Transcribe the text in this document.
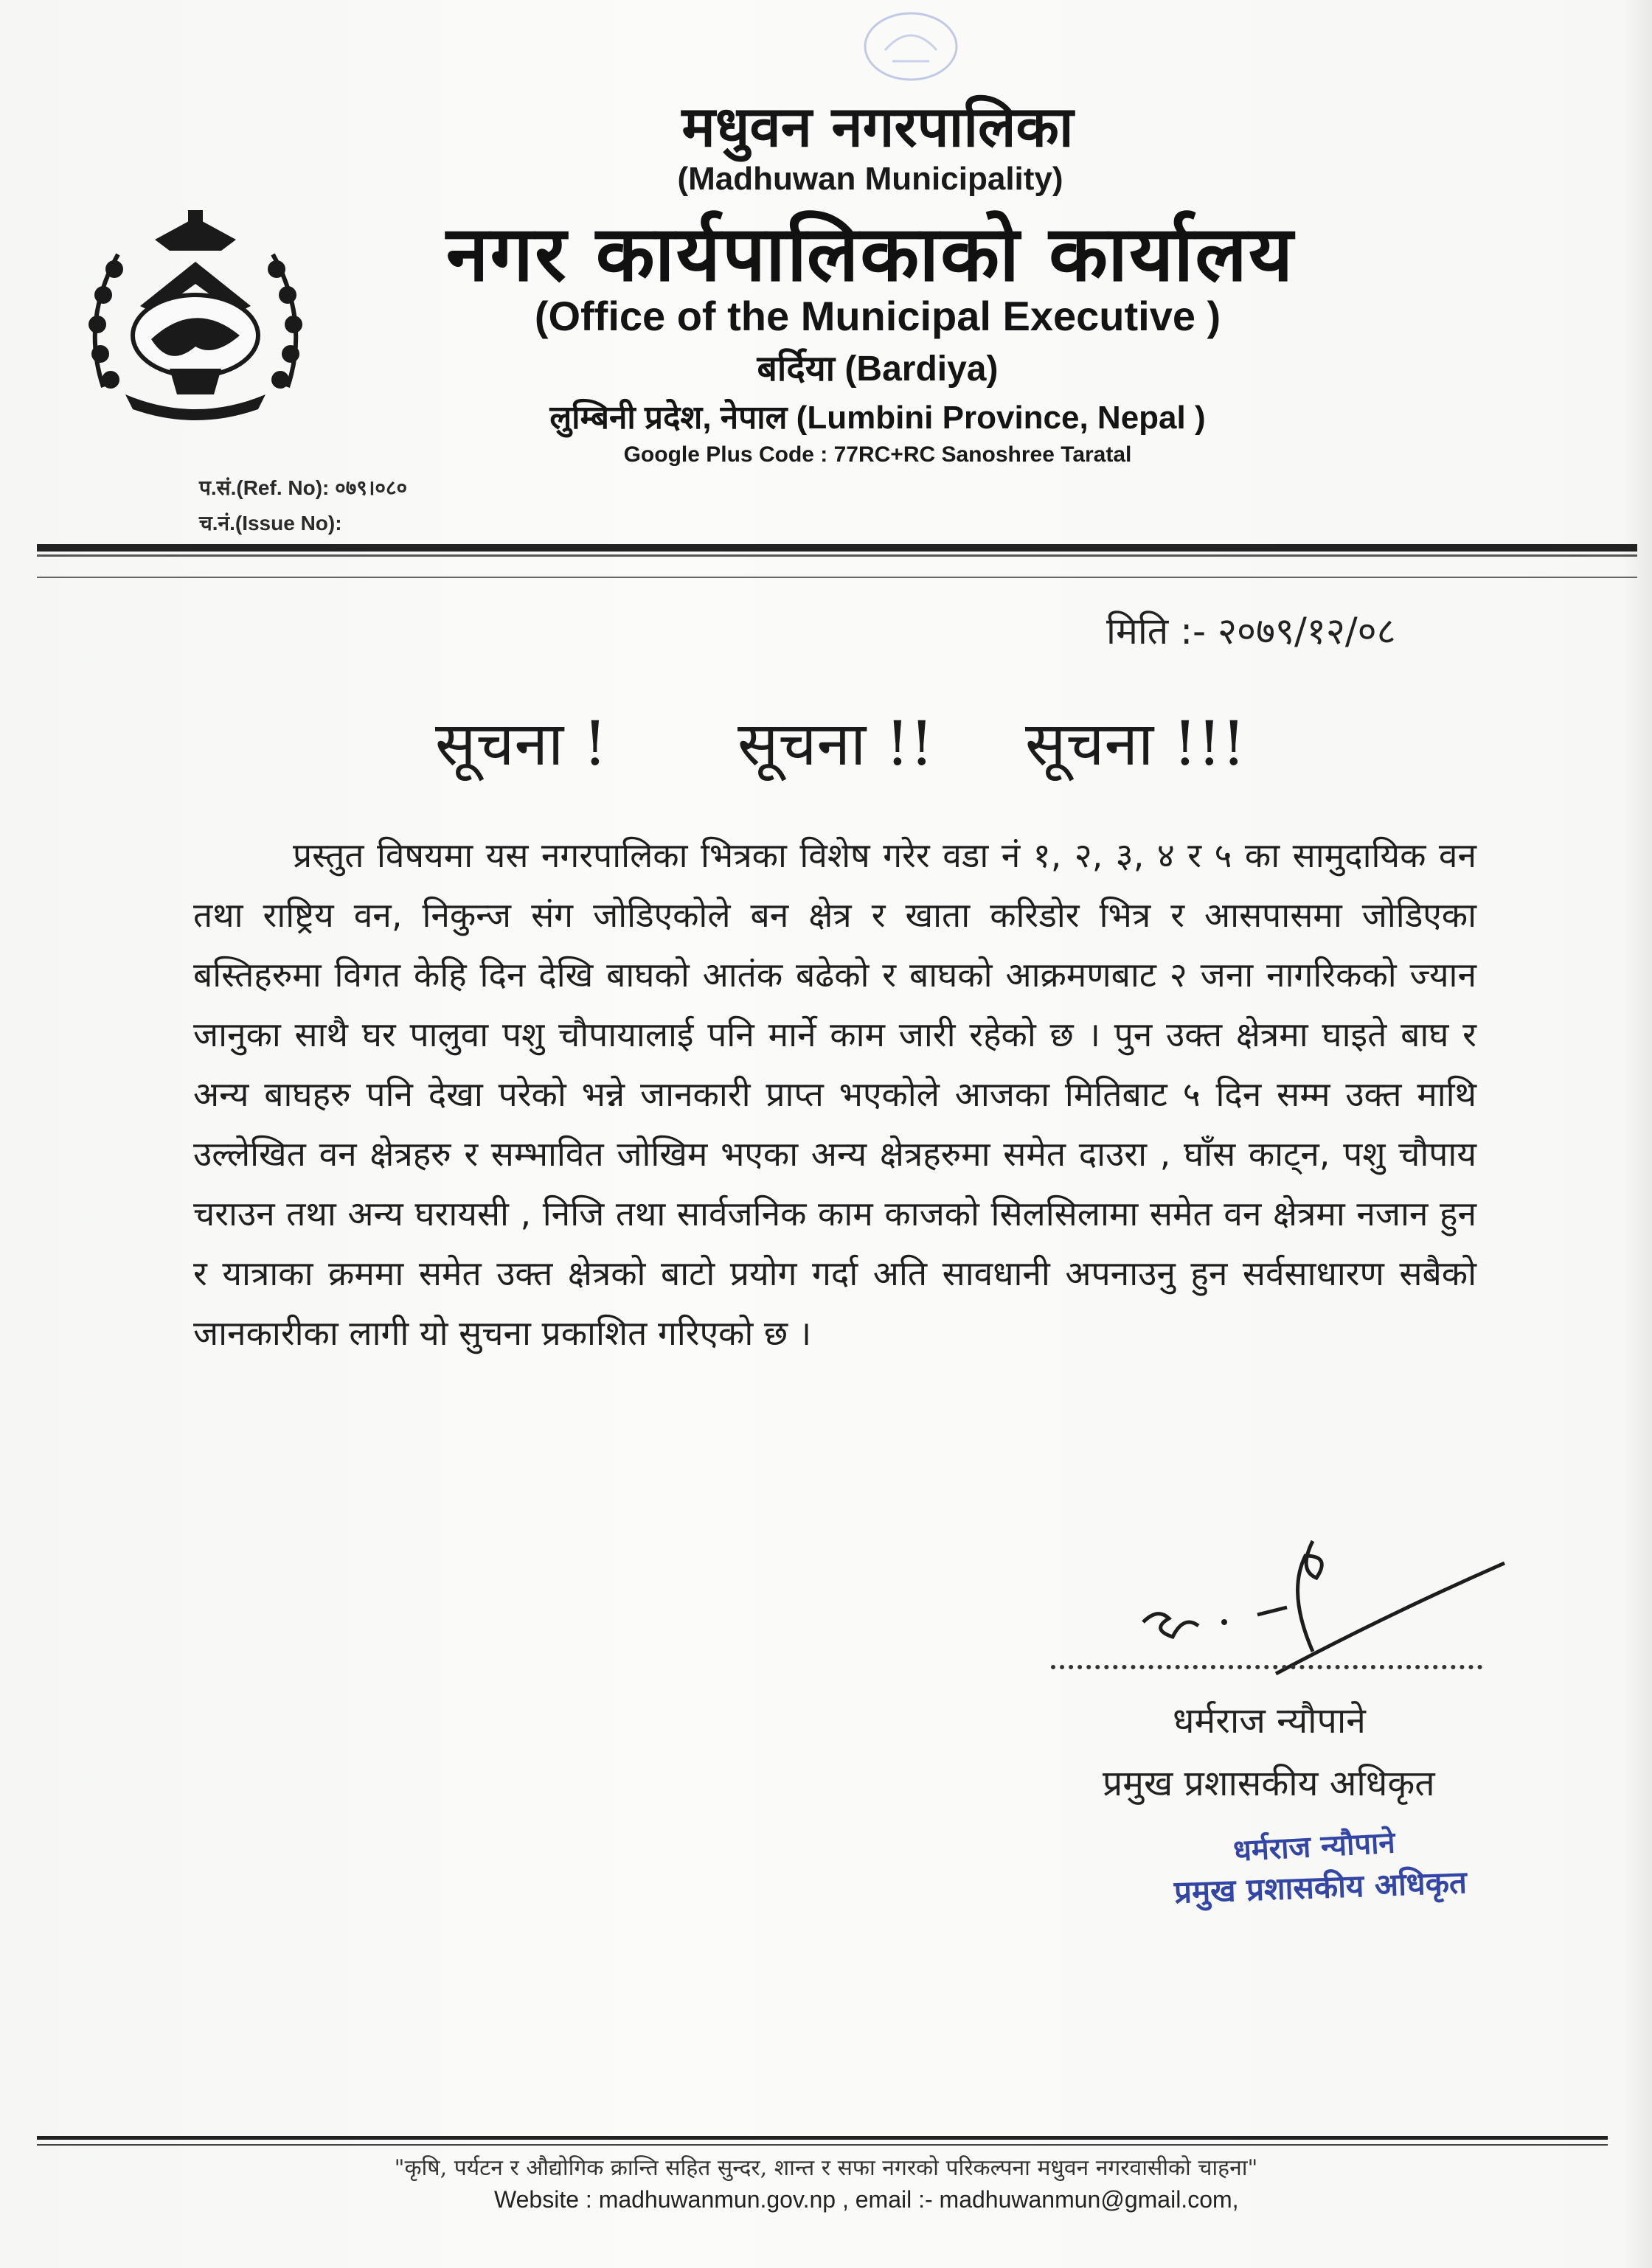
मधुवन नगरपालिका
(Madhuwan Municipality)
नगर कार्यपालिकाको कार्यालय
(Office of the Municipal Executive )
बर्दिया (Bardiya)
लुम्बिनी प्रदेश, नेपाल (Lumbini Province, Nepal )
Google Plus Code : 77RC+RC Sanoshree Taratal
प.सं.(Ref. No): ०७९।०८०
च.नं.(Issue No):
मिति :- २०७९/१२/०८
सूचना ! सूचना !! सूचना !!!
प्रस्तुत विषयमा यस नगरपालिका भित्रका विशेष गरेर वडा नं १, २, ३, ४ र ५ का सामुदायिक वन तथा राष्ट्रिय वन, निकुन्ज संग जोडिएकोले बन क्षेत्र र खाता करिडोर भित्र र आसपासमा जोडिएका बस्तिहरुमा विगत केहि दिन देखि बाघको आतंक बढेको र बाघको आक्रमणबाट २ जना नागरिकको ज्यान जानुका साथै घर पालुवा पशु चौपायालाई पनि मार्ने काम जारी रहेको छ । पुन उक्त क्षेत्रमा घाइते बाघ र अन्य बाघहरु पनि देखा परेको भन्ने जानकारी प्राप्त भएकोले आजका मितिबाट ५ दिन सम्म उक्त माथि उल्लेखित वन क्षेत्रहरु र सम्भावित जोखिम भएका अन्य क्षेत्रहरुमा समेत दाउरा , घाँस काट्न, पशु चौपाय चराउन तथा अन्य घरायसी , निजि तथा सार्वजनिक काम काजको सिलसिलामा समेत वन क्षेत्रमा नजान हुन र यात्राका क्रममा समेत उक्त क्षेत्रको बाटो प्रयोग गर्दा अति सावधानी अपनाउनु हुन सर्वसाधारण सबैको जानकारीका लागी यो सुचना प्रकाशित गरिएको छ ।
धर्मराज न्यौपाने
प्रमुख प्रशासकीय अधिकृत
धर्मराज न्यौपाने
प्रमुख प्रशासकीय अधिकृत
"कृषि, पर्यटन र औद्योगिक क्रान्ति सहित सुन्दर, शान्त र सफा नगरको परिकल्पना मधुवन नगरवासीको चाहना"
Website : madhuwanmun.gov.np , email :- madhuwanmun@gmail.com,
